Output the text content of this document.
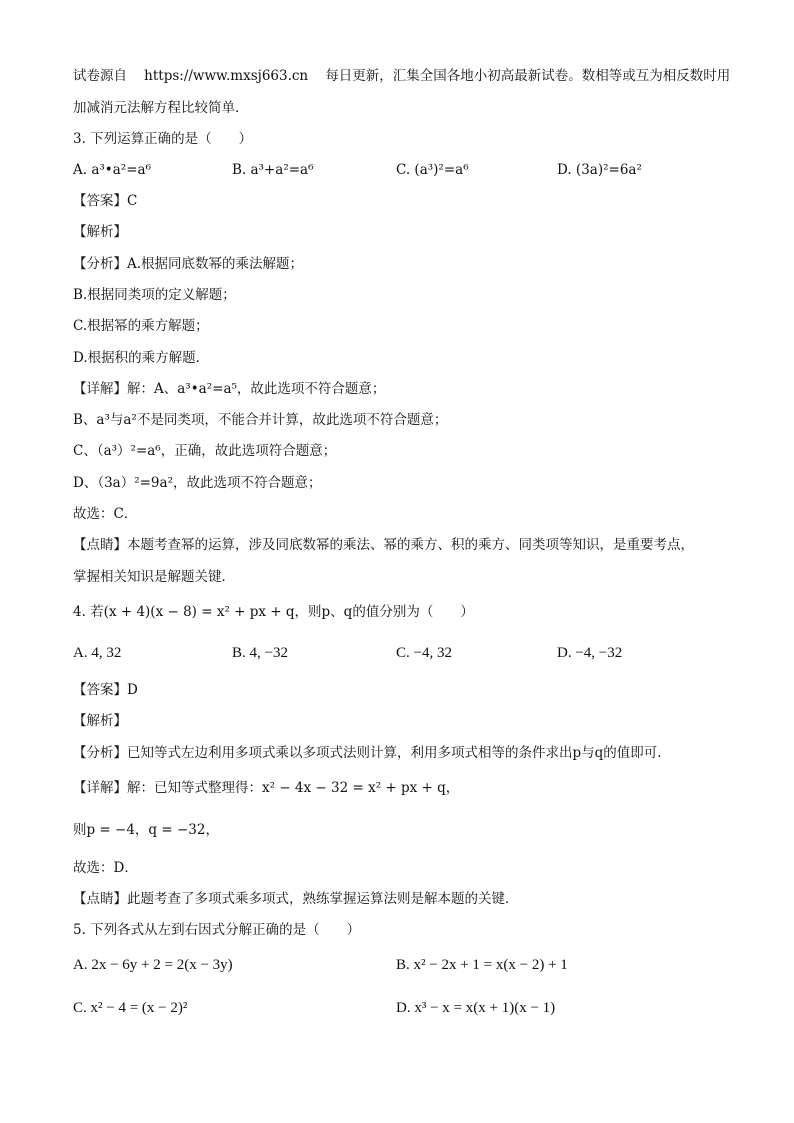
试卷源自 https://www.mxsj663.cn 每日更新，汇集全国各地小初高最新试卷。数相等或互为相反数时用
加减消元法解方程比较简单．
3. 下列运算正确的是（　　）
A. a³•a²=a⁶	B. a³+a²=a⁶	C. (a³)²=a⁶	D. (3a)²=6a²
【答案】C
【解析】
【分析】A.根据同底数幂的乘法解题；
B.根据同类项的定义解题；
C.根据幂的乘方解题；
D.根据积的乘方解题．
【详解】解：A、a³•a²=a⁵，故此选项不符合题意；
B、a³与a²不是同类项，不能合并计算，故此选项不符合题意；
C、（a³）²=a⁶，正确，故此选项符合题意；
D、（3a）²=9a²，故此选项不符合题意；
故选：C．
【点睛】本题考查幂的运算，涉及同底数幂的乘法、幂的乘方、积的乘方、同类项等知识，是重要考点，
掌握相关知识是解题关键．
4. 若(x + 4)(x − 8) = x² + px + q，则p、q的值分别为（　　）
A. 4, 32	B. 4, −32	C. −4, 32	D. −4, −32
【答案】D
【解析】
【分析】已知等式左边利用多项式乘以多项式法则计算，利用多项式相等的条件求出p与q的值即可．
【详解】解：已知等式整理得：x² − 4x − 32 = x² + px + q，
则p = −4，q = −32，
故选：D．
【点睛】此题考查了多项式乘多项式，熟练掌握运算法则是解本题的关键．
5. 下列各式从左到右因式分解正确的是（　　）
A. 2x − 6y + 2 = 2(x − 3y)	B. x² − 2x + 1 = x(x − 2) + 1
C. x² − 4 = (x − 2)²	D. x³ − x = x(x + 1)(x − 1)
